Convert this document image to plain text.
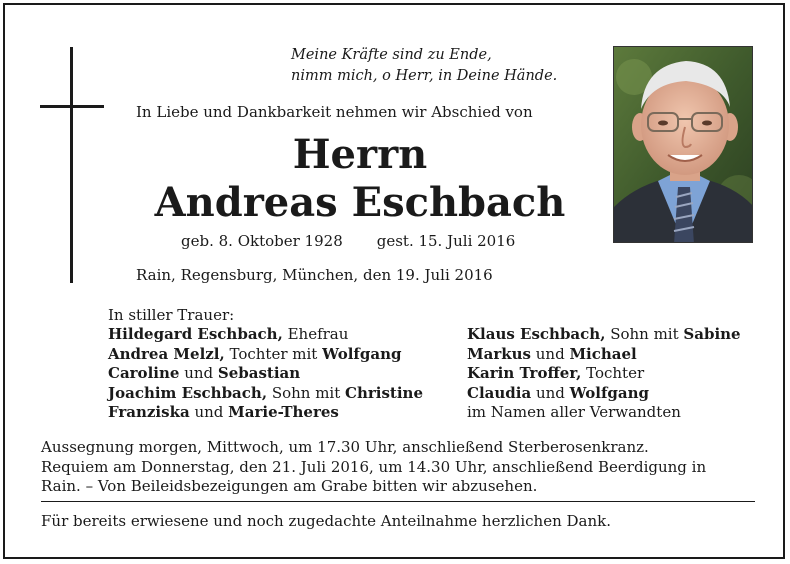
Meine Kräfte sind zu Ende,
nimm mich, o Herr, in Deine Hände.
In Liebe und Dankbarkeit nehmen wir Abschied von
Herrn
Andreas Eschbach
geb. 8. Oktober 1928 gest. 15. Juli 2016
Rain, Regensburg, München, den 19. Juli 2016
In stiller Trauer:
Hildegard Eschbach, Ehefrau
Andrea Melzl, Tochter mit Wolfgang
Caroline und Sebastian
Joachim Eschbach, Sohn mit Christine
Franziska und Marie-Theres
Klaus Eschbach, Sohn mit Sabine
Markus und Michael
Karin Troffer, Tochter
Claudia und Wolfgang
im Namen aller Verwandten
Aussegnung morgen, Mittwoch, um 17.30 Uhr, anschließend Sterberosenkranz.
Requiem am Donnerstag, den 21. Juli 2016, um 14.30 Uhr, anschließend Beerdigung in
Rain. – Von Beileidsbezeigungen am Grabe bitten wir abzusehen.
Für bereits erwiesene und noch zugedachte Anteilnahme herzlichen Dank.
